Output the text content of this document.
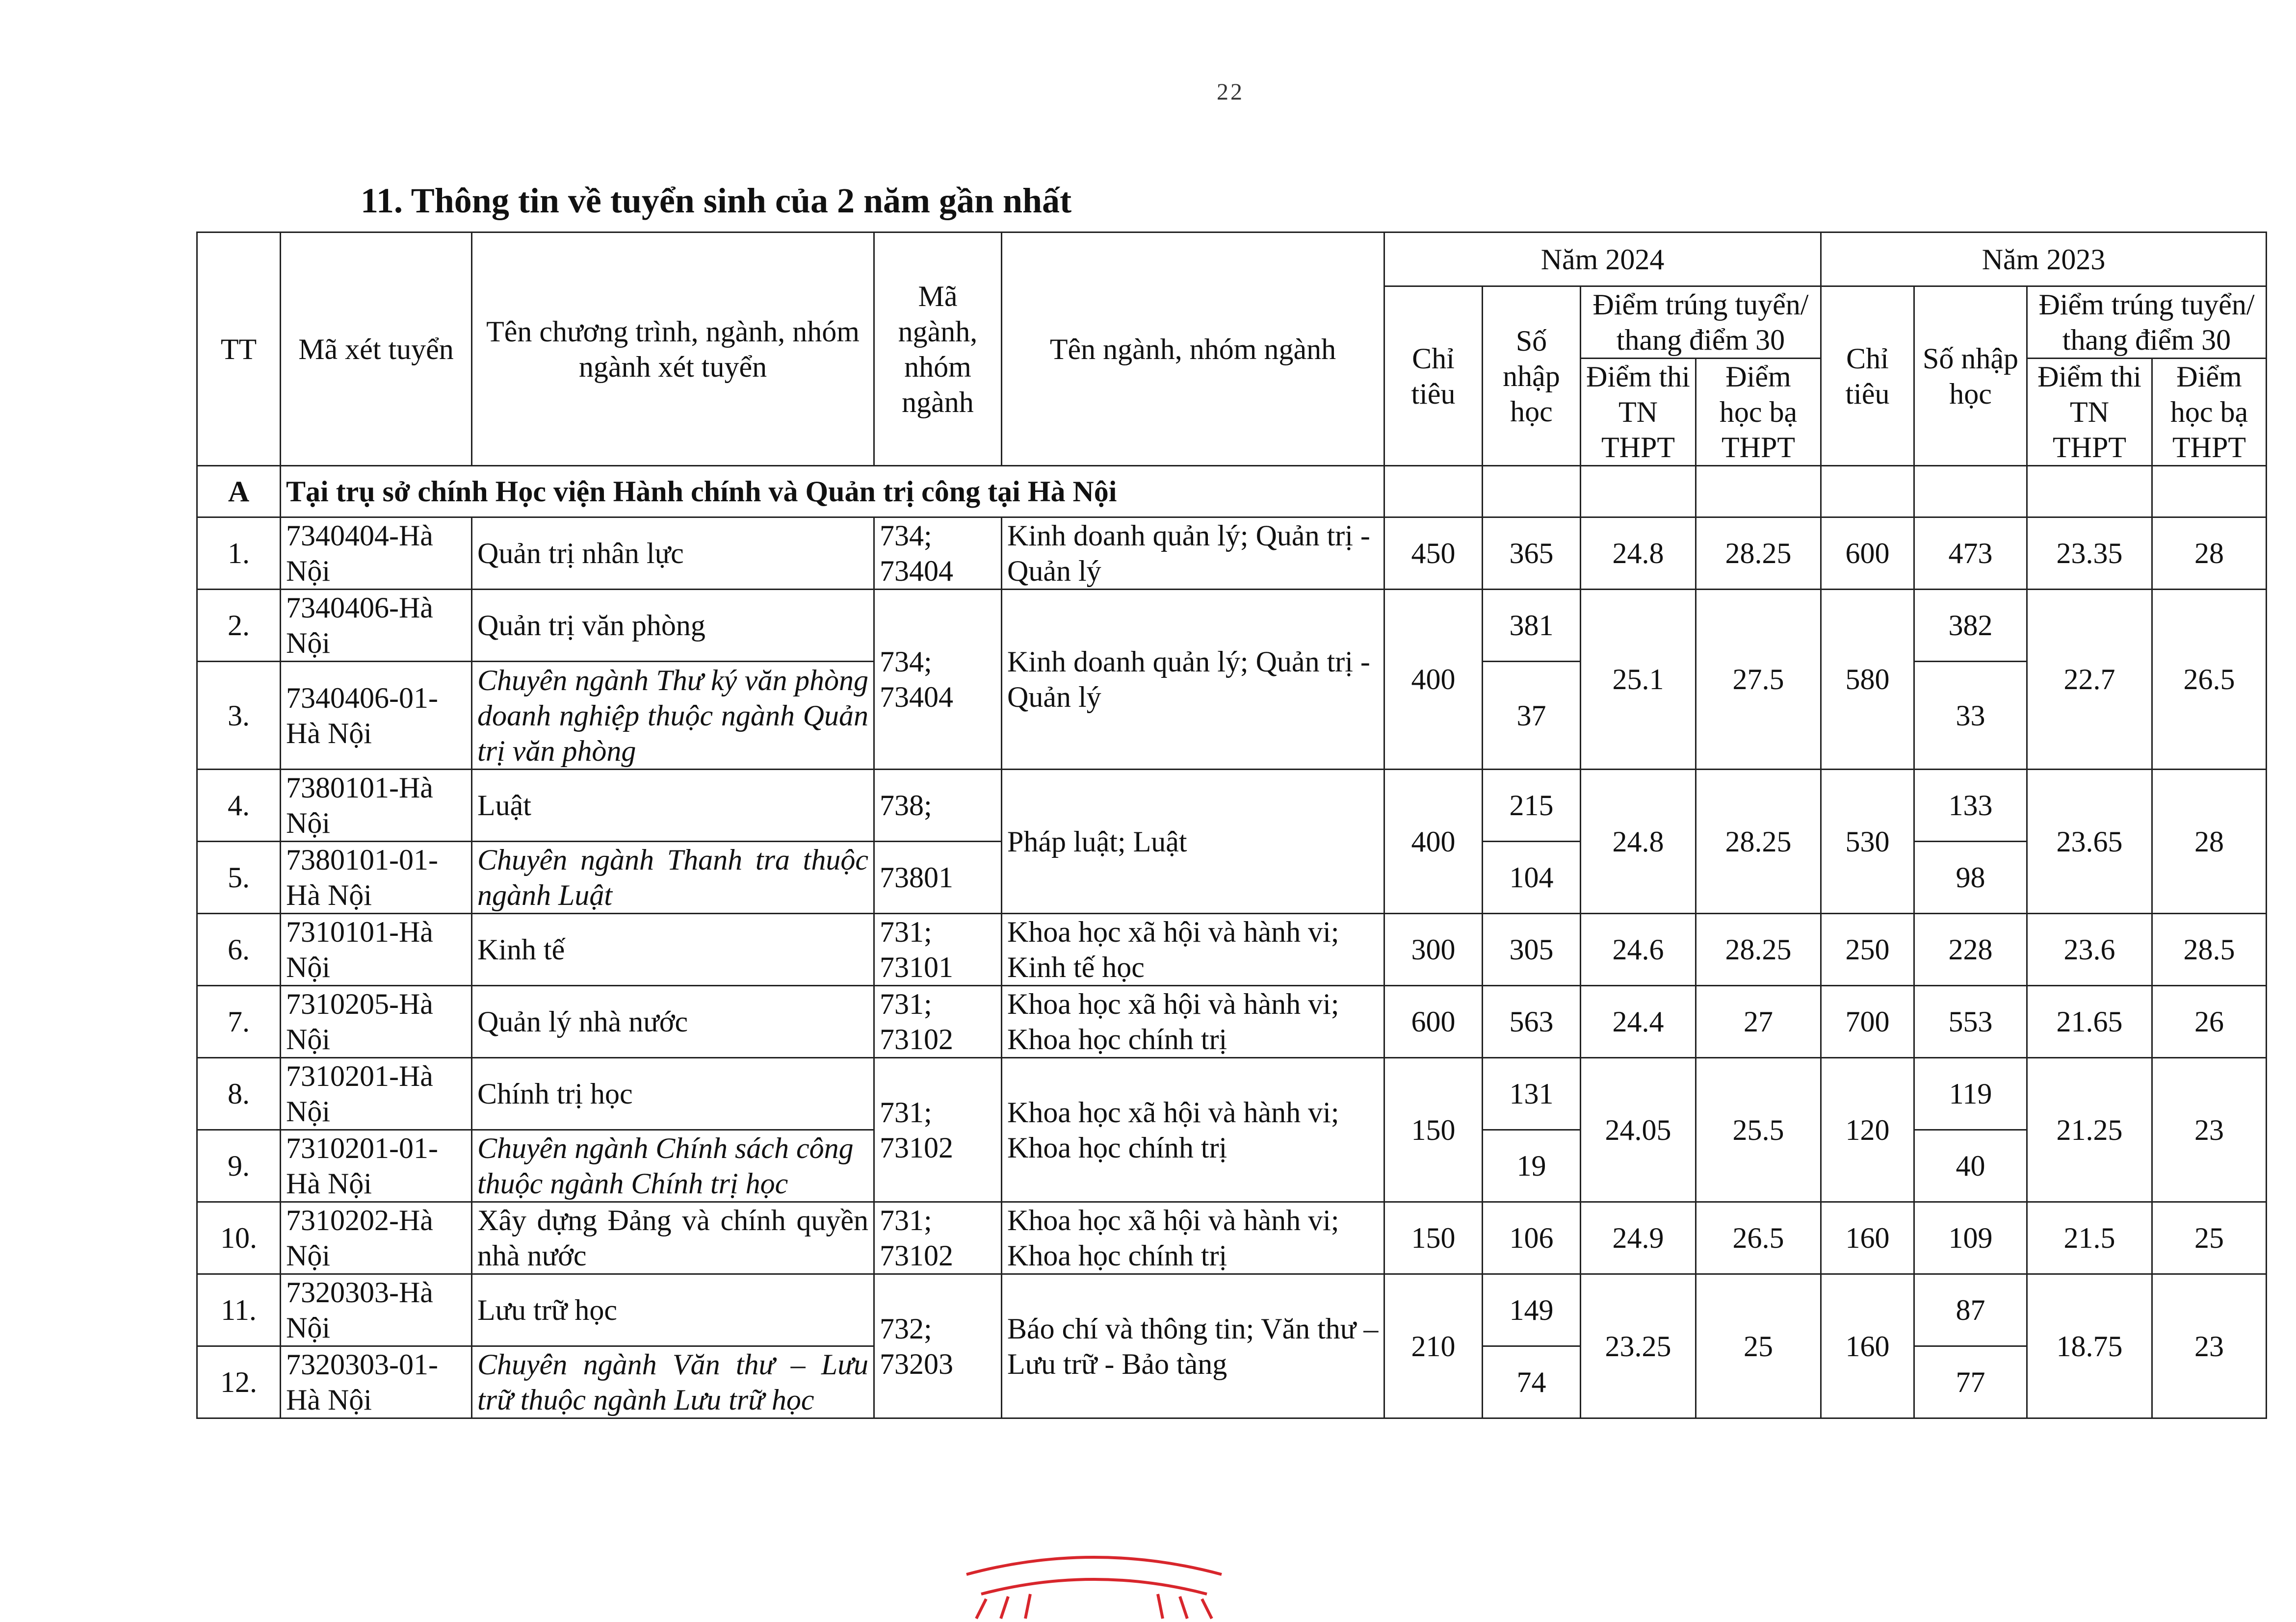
22
11. Thông tin về tuyển sinh của 2 năm gần nhất
TT	Mã xét tuyển	Tên chương trình, ngành, nhóm ngành xét tuyển	Mã ngành, nhóm ngành	Tên ngành, nhóm ngành	Năm 2024				Năm 2023			
					Chỉ tiêu	Số nhập học	Điểm trúng tuyển/ thang điểm 30		Chỉ tiêu	Số nhập học	Điểm trúng tuyển/ thang điểm 30	
							Điểm thi TN THPT	Điểm học bạ THPT			Điểm thi TN THPT	Điểm học bạ THPT

A	Tại trụ sở chính Học viện Hành chính và Quản trị công tại Hà Nội											
1.	7340404-Hà Nội	Quản trị nhân lực	734; 73404	Kinh doanh quản lý; Quản trị - Quản lý	450	365	24.8	28.25	600	473	23.35	28
2.	7340406-Hà Nội	Quản trị văn phòng	734; 73404	Kinh doanh quản lý; Quản trị - Quản lý	400	381	25.1	27.5	580	382	22.7	26.5
3.	7340406-01-Hà Nội	Chuyên ngành Thư ký văn phòng doanh nghiệp thuộc ngành Quản trị văn phòng				37				33		
4.	7380101-Hà Nội	Luật	738;	Pháp luật; Luật	400	215	24.8	28.25	530	133	23.65	28
5.	7380101-01-Hà Nội	Chuyên ngành Thanh tra thuộc ngành Luật	73801			104				98		
6.	7310101-Hà Nội	Kinh tế	731; 73101	Khoa học xã hội và hành vi; Kinh tế học	300	305	24.6	28.25	250	228	23.6	28.5
7.	7310205-Hà Nội	Quản lý nhà nước	731; 73102	Khoa học xã hội và hành vi; Khoa học chính trị	600	563	24.4	27	700	553	21.65	26
8.	7310201-Hà Nội	Chính trị học	731; 73102	Khoa học xã hội và hành vi; Khoa học chính trị	150	131	24.05	25.5	120	119	21.25	23
9.	7310201-01-Hà Nội	Chuyên ngành Chính sách công thuộc ngành Chính trị học				19				40		
10.	7310202-Hà Nội	Xây dựng Đảng và chính quyền nhà nước	731; 73102	Khoa học xã hội và hành vi; Khoa học chính trị	150	106	24.9	26.5	160	109	21.5	25
11.	7320303-Hà Nội	Lưu trữ học	732; 73203	Báo chí và thông tin; Văn thư – Lưu trữ - Bảo tàng	210	149	23.25	25	160	87	18.75	23
12.	7320303-01-Hà Nội	Chuyên ngành Văn thư – Lưu trữ thuộc ngành Lưu trữ học				74				77		
